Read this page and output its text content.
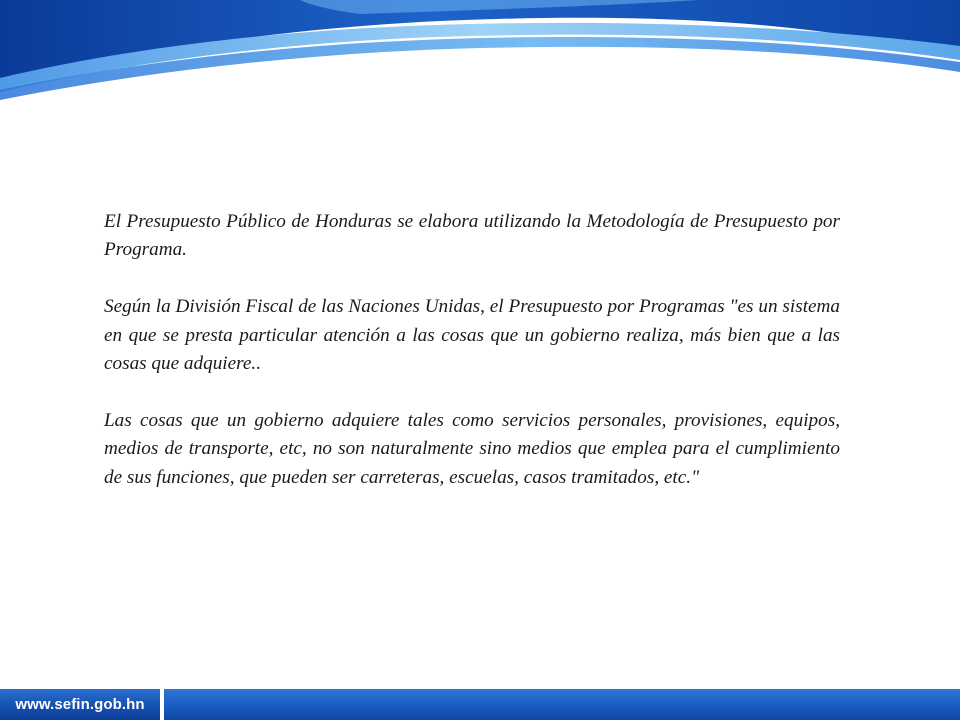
El Presupuesto Público de Honduras se elabora utilizando la Metodología de Presupuesto por Programa.

Según la División Fiscal de las Naciones Unidas, el Presupuesto por Programas "es un sistema en que se presta particular atención a las cosas que un gobierno realiza, más bien que a las cosas que adquiere..

Las cosas que un gobierno adquiere tales como servicios personales, provisiones, equipos, medios de transporte, etc, no son naturalmente sino medios que emplea para el cumplimiento de sus funciones, que pueden ser carreteras, escuelas, casos tramitados, etc."

www.sefin.gob.hn
